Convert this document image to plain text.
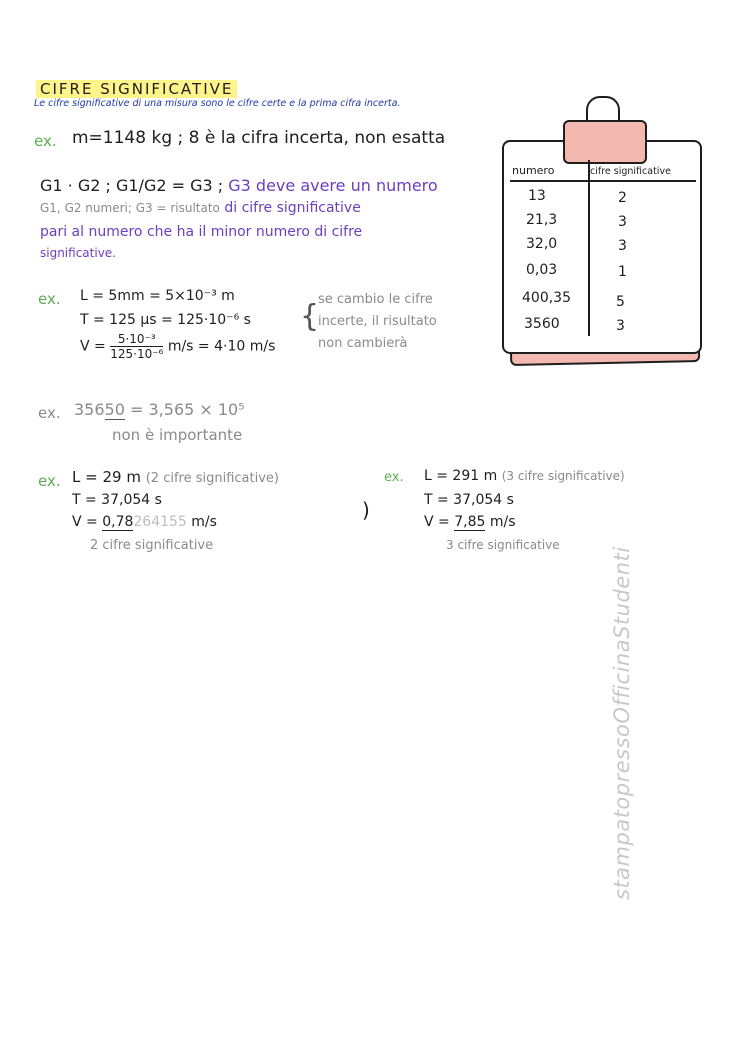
CIFRE SIGNIFICATIVE
Le cifre significative di una misura sono le cifre certe e la prima cifra incerta.
ex. m=1148 kg ; 8 è la cifra incerta, non esatta
G1 · G2 ; G1/G2 = G3 ; G3 deve avere un numero
G1, G2 numeri; G3 = risultato di cifre significative
pari al numero che ha il minor numero di cifre
significative.
ex. L = 5mm = 5×10⁻³ m
T = 125 μs = 125·10⁻⁶ s
$V = \frac{\text{5·10⁻³}}{\text{125·10⁻⁶}} m/s = 4\cdot 10$ m/s
{
se cambio le cifre
incerte, il risultato
non cambierà
ex. 35650 = 3,565 × 10⁵
non è importante
ex. L = 29 m (2 cifre significative)
T = 37,054 s
V = 0,78264155 m/s
2 cifre significative
)
ex. L = 291 m (3 cifre significative)
T = 37,054 s
V = 7,85 m/s
3 cifre significative
numero	cifre significative
13	2
21,3	3
32,0	3
0,03	1
400,35	5
3560	3
stampatopressoOfficinaStudenti
